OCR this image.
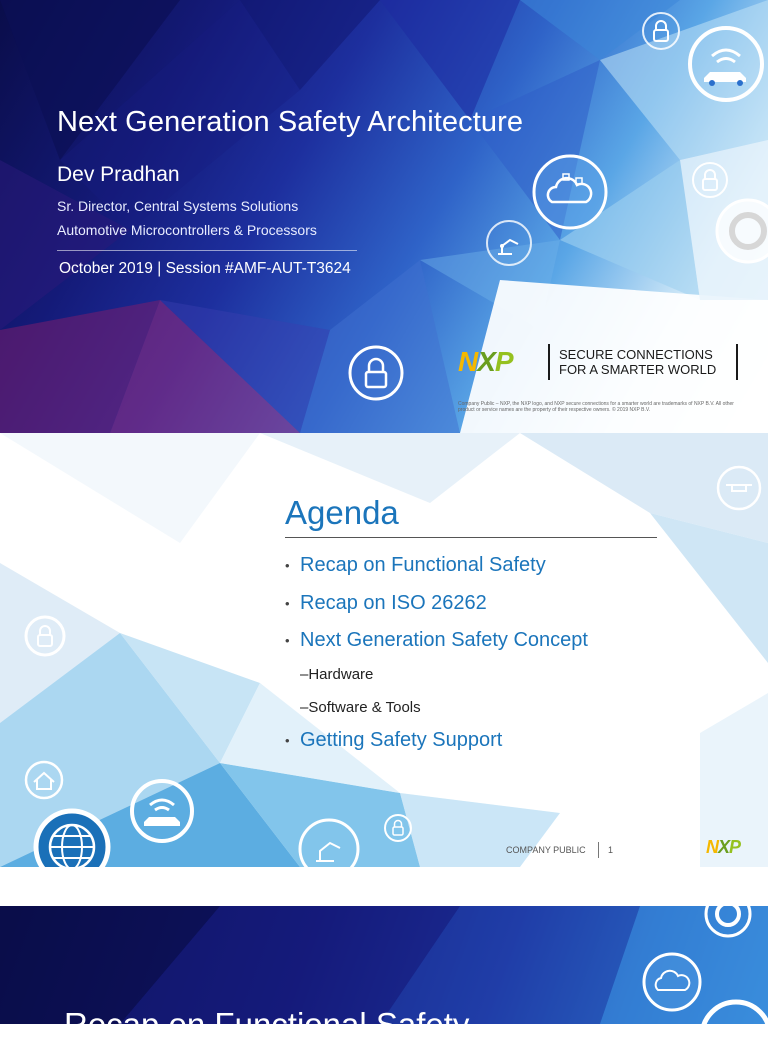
Next Generation Safety Architecture
Dev Pradhan
Sr. Director, Central Systems Solutions
Automotive Microcontrollers & Processors
October 2019 | Session #AMF-AUT-T3624
NXP	SECURE CONNECTIONS
FOR A SMARTER WORLD
Company Public – NXP, the NXP logo, and NXP secure connections for a smarter world are trademarks of NXP B.V. All other product or service names are the property of their respective owners. © 2019 NXP B.V.
Agenda
• Recap on Functional Safety
• Recap on ISO 26262
• Next Generation Safety Concept
–Hardware
–Software & Tools
• Getting Safety Support
COMPANY PUBLIC 1	NXP
Recap on Functional Safety
